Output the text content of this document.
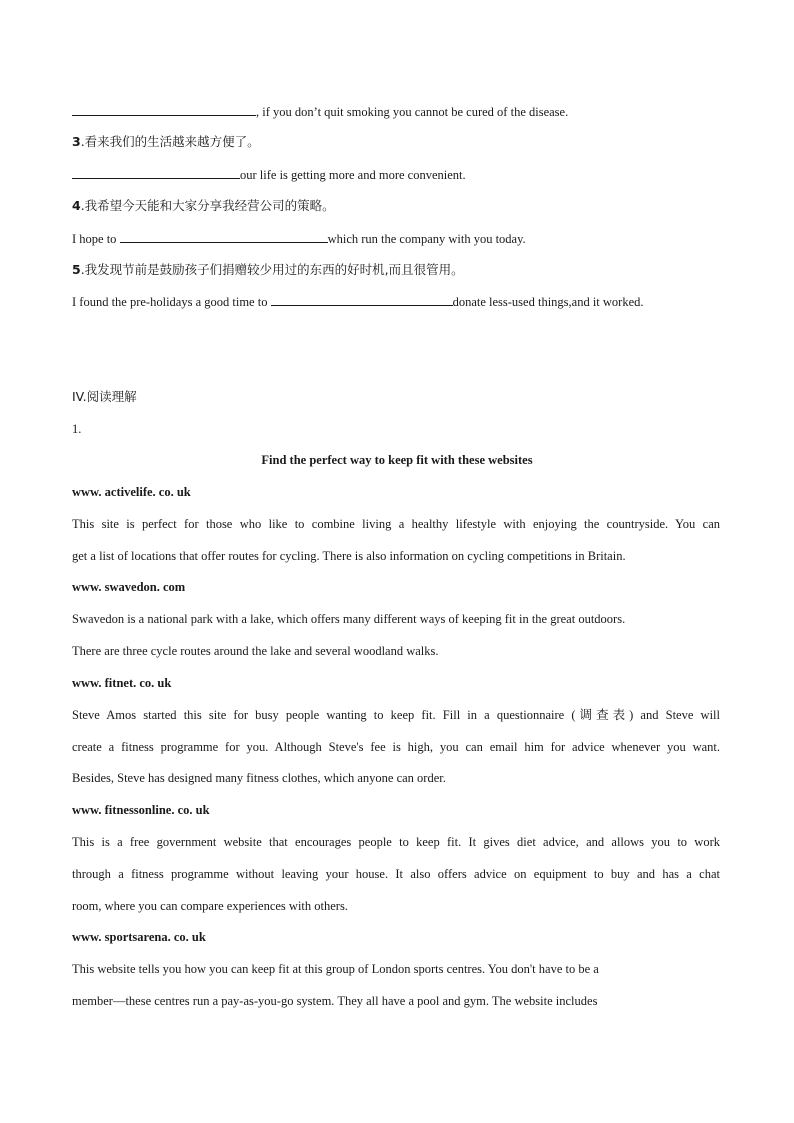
, if you don’t quit smoking you cannot be cured of the disease.
3.看来我们的生活越来越方便了。
our life is getting more and more convenient.
4.我希望今天能和大家分享我经营公司的策略。
I hope to	which run the company with you today.
5.我发现节前是鼓励孩子们捐赠较少用过的东西的好时机,而且很管用。
I found the pre-holidays a good time to	donate less-used things,and it worked.
IV.阅读理解
1.
Find the perfect way to keep fit with these websites
www. activelife. co. uk
This site is perfect for those who like to combine living a healthy lifestyle with enjoying the countryside. You can
get a list of locations that offer routes for cycling. There is also information on cycling competitions in Britain.
www. swavedon. com
Swavedon is a national park with a lake, which offers many different ways of keeping fit in the great outdoors.
There are three cycle routes around the lake and several woodland walks.
www. fitnet. co. uk
Steve Amos started this site for busy people wanting to keep fit. Fill in a questionnaire (调查表) and Steve will
create a fitness programme for you. Although Steve's fee is high, you can email him for advice whenever you want.
Besides, Steve has designed many fitness clothes, which anyone can order.
www. fitnessonline. co. uk
This is a free government website that encourages people to keep fit. It gives diet advice, and allows you to work
through a fitness programme without leaving your house. It also offers advice on equipment to buy and has a chat
room, where you can compare experiences with others.
www. sportsarena. co. uk
This website tells you how you can keep fit at this group of London sports centres. You don't have to be a
member—these centres run a pay-as-you-go system. They all have a pool and gym. The website includes
